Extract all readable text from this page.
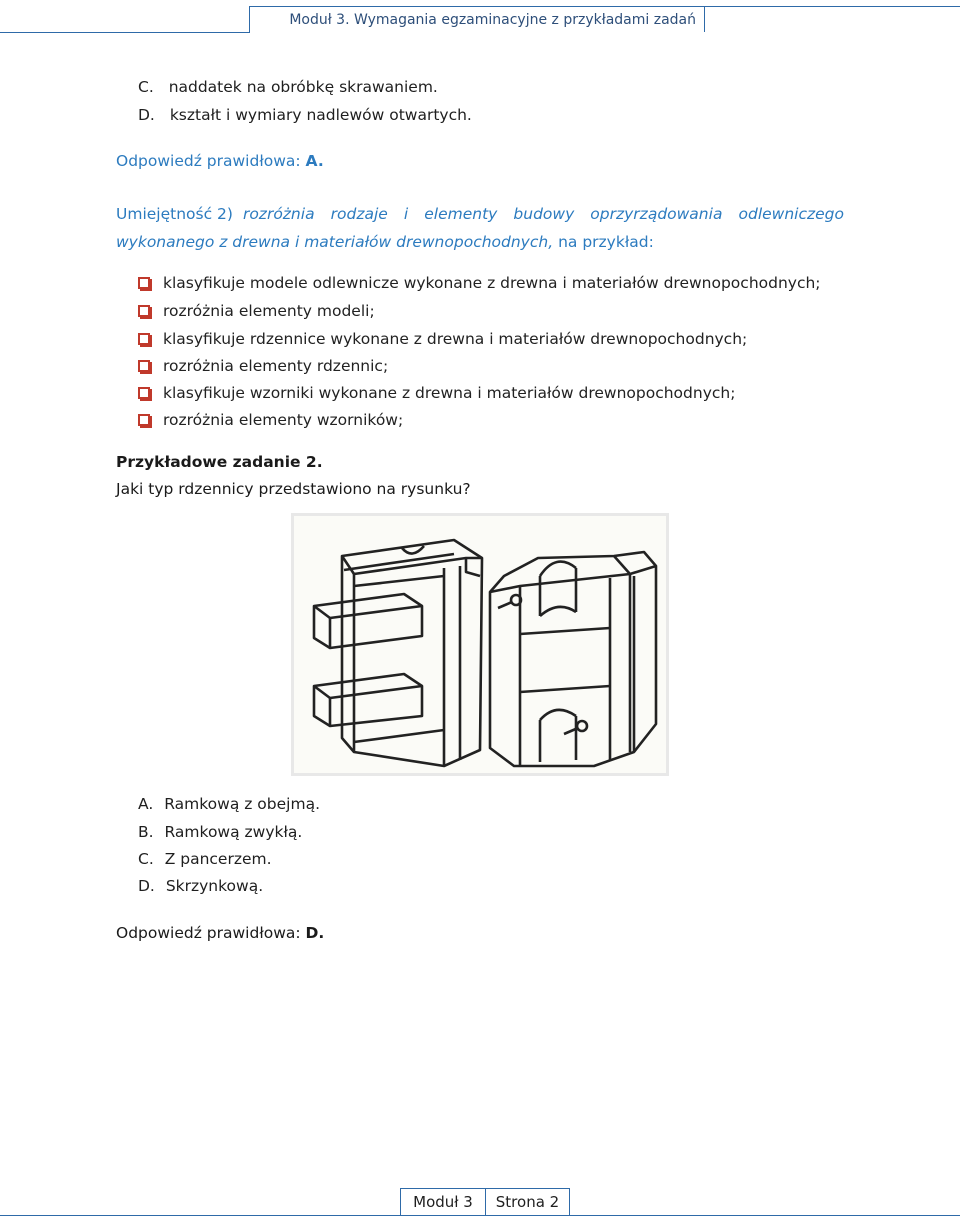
Moduł 3. Wymagania egzaminacyjne z przykładami zadań
C. naddatek na obróbkę skrawaniem.
D. kształt i wymiary nadlewów otwartych.
Odpowiedź prawidłowa: A.
Umiejętność 2) rozróżnia rodzaje i elementy budowy oprzyrządowania odlewniczego
wykonanego z drewna i materiałów drewnopochodnych, na przykład:
klasyfikuje modele odlewnicze wykonane z drewna i materiałów drewnopochodnych;
rozróżnia elementy modeli;
klasyfikuje rdzennice wykonane z drewna i materiałów drewnopochodnych;
rozróżnia elementy rdzennic;
klasyfikuje wzorniki wykonane z drewna i materiałów drewnopochodnych;
rozróżnia elementy wzorników;
Przykładowe zadanie 2.
Jaki typ rdzennicy przedstawiono na rysunku?
A. Ramkową z obejmą.
B. Ramkową zwykłą.
C. Z pancerzem.
D. Skrzynkową.
Odpowiedź prawidłowa: D.
Moduł 3	Strona 2
